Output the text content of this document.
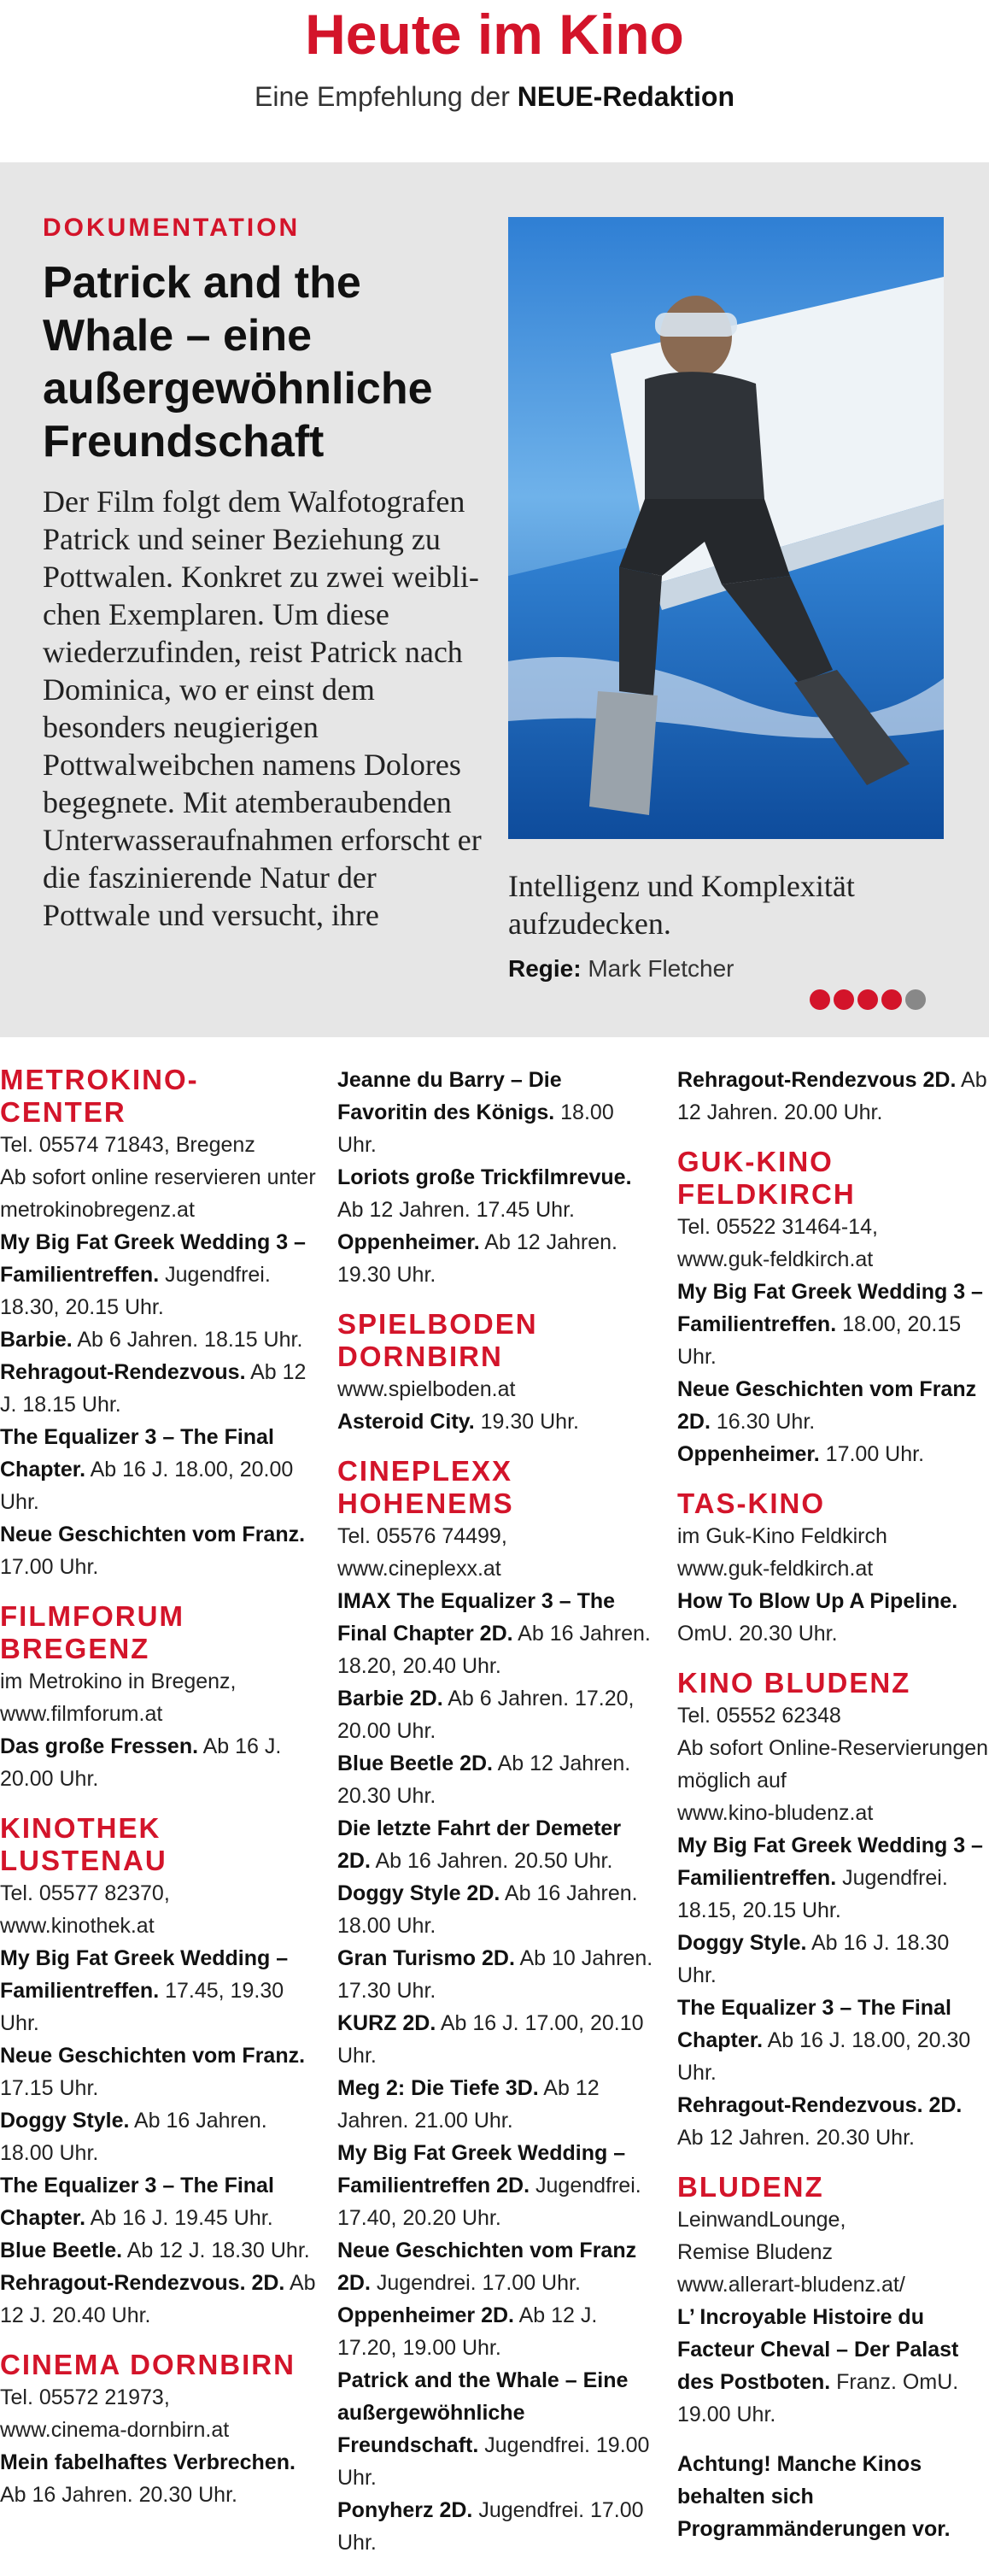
Heute im Kino
Eine Empfehlung der NEUE-Redaktion
DOKUMENTATION
Patrick and the Whale – eine außergewöhnliche Freundschaft
Der Film folgt dem Walfotografen Patrick und seiner Beziehung zu Pottwalen. Konkret zu zwei weiblichen Exemplaren. Um diese wiederzufinden, reist Patrick nach Dominica, wo er einst dem besonders neugierigen Pottwalweibchen namens Dolores begegnete. Mit atemberaubenden Unterwasseraufnahmen erforscht er die faszinierende Natur der Pottwale und versucht, ihre
Intelligenz und Komplexität aufzudecken.
Regie: Mark Fletcher
METROKINO-CENTER
Tel. 05574 71843, Bregenz
Ab sofort online reservieren unter metrokinobregenz.at
My Big Fat Greek Wedding 3 – Familientreffen. Jugendfrei. 18.30, 20.15 Uhr.
Barbie. Ab 6 Jahren. 18.15 Uhr.
Rehragout-Rendezvous. Ab 12 J. 18.15 Uhr.
The Equalizer 3 – The Final Chapter. Ab 16 J. 18.00, 20.00 Uhr.
Neue Geschichten vom Franz. 17.00 Uhr.
FILMFORUM BREGENZ
im Metrokino in Bregenz,
www.filmforum.at
Das große Fressen. Ab 16 J. 20.00 Uhr.
KINOTHEK LUSTENAU
Tel. 05577 82370,
www.kinothek.at
My Big Fat Greek Wedding – Familientreffen. 17.45, 19.30 Uhr.
Neue Geschichten vom Franz. 17.15 Uhr.
Doggy Style. Ab 16 Jahren. 18.00 Uhr.
The Equalizer 3 – The Final Chapter. Ab 16 J. 19.45 Uhr.
Blue Beetle. Ab 12 J. 18.30 Uhr.
Rehragout-Rendezvous. 2D. Ab 12 J. 20.40 Uhr.
CINEMA DORNBIRN
Tel. 05572 21973,
www.cinema-dornbirn.at
Mein fabelhaftes Verbrechen. Ab 16 Jahren. 20.30 Uhr.
Jeanne du Barry – Die Favoritin des Königs. 18.00 Uhr.
Loriots große Trickfilmrevue. Ab 12 Jahren. 17.45 Uhr.
Oppenheimer. Ab 12 Jahren. 19.30 Uhr.
SPIELBODEN DORNBIRN
www.spielboden.at
Asteroid City. 19.30 Uhr.
CINEPLEXX HOHENEMS
Tel. 05576 74499,
www.cineplexx.at
IMAX The Equalizer 3 – The Final Chapter 2D. Ab 16 Jahren. 18.20, 20.40 Uhr.
Barbie 2D. Ab 6 Jahren. 17.20, 20.00 Uhr.
Blue Beetle 2D. Ab 12 Jahren. 20.30 Uhr.
Die letzte Fahrt der Demeter 2D. Ab 16 Jahren. 20.50 Uhr.
Doggy Style 2D. Ab 16 Jahren. 18.00 Uhr.
Gran Turismo 2D. Ab 10 Jahren. 17.30 Uhr.
KURZ 2D. Ab 16 J. 17.00, 20.10 Uhr.
Meg 2: Die Tiefe 3D. Ab 12 Jahren. 21.00 Uhr.
My Big Fat Greek Wedding – Familientreffen 2D. Jugendfrei. 17.40, 20.20 Uhr.
Neue Geschichten vom Franz 2D. Jugendrei. 17.00 Uhr.
Oppenheimer 2D. Ab 12 J. 17.20, 19.00 Uhr.
Patrick and the Whale – Eine außergewöhnliche Freundschaft. Jugendfrei. 19.00 Uhr.
Ponyherz 2D. Jugendfrei. 17.00 Uhr.
Rehragout-Rendezvous 2D. Ab 12 Jahren. 20.00 Uhr.
GUK-KINO FELDKIRCH
Tel. 05522 31464-14,
www.guk-feldkirch.at
My Big Fat Greek Wedding 3 – Familientreffen. 18.00, 20.15 Uhr.
Neue Geschichten vom Franz 2D. 16.30 Uhr.
Oppenheimer. 17.00 Uhr.
TAS-KINO
im Guk-Kino Feldkirch
www.guk-feldkirch.at
How To Blow Up A Pipeline. OmU. 20.30 Uhr.
KINO BLUDENZ
Tel. 05552 62348
Ab sofort Online-Reservierungen möglich auf
www.kino-bludenz.at
My Big Fat Greek Wedding 3 – Familientreffen. Jugendfrei. 18.15, 20.15 Uhr.
Doggy Style. Ab 16 J. 18.30 Uhr.
The Equalizer 3 – The Final Chapter. Ab 16 J. 18.00, 20.30 Uhr.
Rehragout-Rendezvous. 2D. Ab 12 Jahren. 20.30 Uhr.
BLUDENZ
LeinwandLounge,
Remise Bludenz
www.allerart-bludenz.at/
L’ Incroyable Histoire du Facteur Cheval – Der Palast des Postboten. Franz. OmU. 19.00 Uhr.
Achtung! Manche Kinos behalten sich Programmänderungen vor.
